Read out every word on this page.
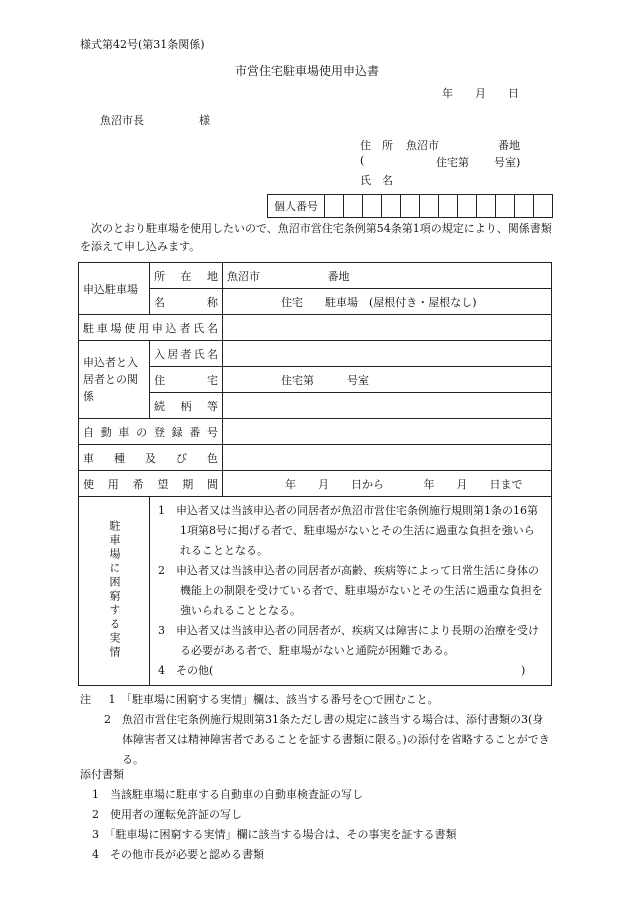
様式第42号(第31条関係)
市営住宅駐車場使用申込書
年　　月　　日
魚沼市長　　　　　様
住　所 魚沼市	番地
(	住宅第 号室)
氏　名
個人番号												
次のとおり駐車場を使用したいので、魚沼市営住宅条例第54条第1項の規定により、関係書類を添えて申し込みます。
申込駐車場	所在地	魚沼市 番地

	名称	住宅　　駐車場　(屋根付き・屋根なし)

駐車場使用申込者氏名		

申込者と入居者との関係	入居者氏名	

	住宅	住宅第　　　号室

	続柄等	

自動車の登録番号		

車種及び色		

使用希望期間		年　　月　　日から 年　　月　　日まで
駐車場に困窮する実情	1　申込者又は当該申込者の同居者が魚沼市営住宅条例施行規則第1条の16第1項第8号に掲げる者で、駐車場がないとその生活に過重な負担を強いられることとなる。

2　申込者又は当該申込者の同居者が高齢、疾病等によって日常生活に身体の機能上の制限を受けている者で、駐車場がないとその生活に過重な負担を強いられることとなる。

3　申込者又は当該申込者の同居者が、疾病又は障害により長期の治療を受ける必要がある者で、駐車場がないと通院が困難である。

4　その他( )	

注 1　「駐車場に困窮する実情」欄は、該当する番号を○で囲むこと。

2　魚沼市営住宅条例施行規則第31条ただし書の規定に該当する場合は、添付書類の3(身体障害者又は精神障害者であることを証する書類に限る。)の添付を省略することができる。

添付書類

1　当該駐車場に駐車する自動車の自動車検査証の写し

2　使用者の運転免許証の写し

3　「駐車場に困窮する実情」欄に該当する場合は、その事実を証する書類

4　その他市長が必要と認める書類
